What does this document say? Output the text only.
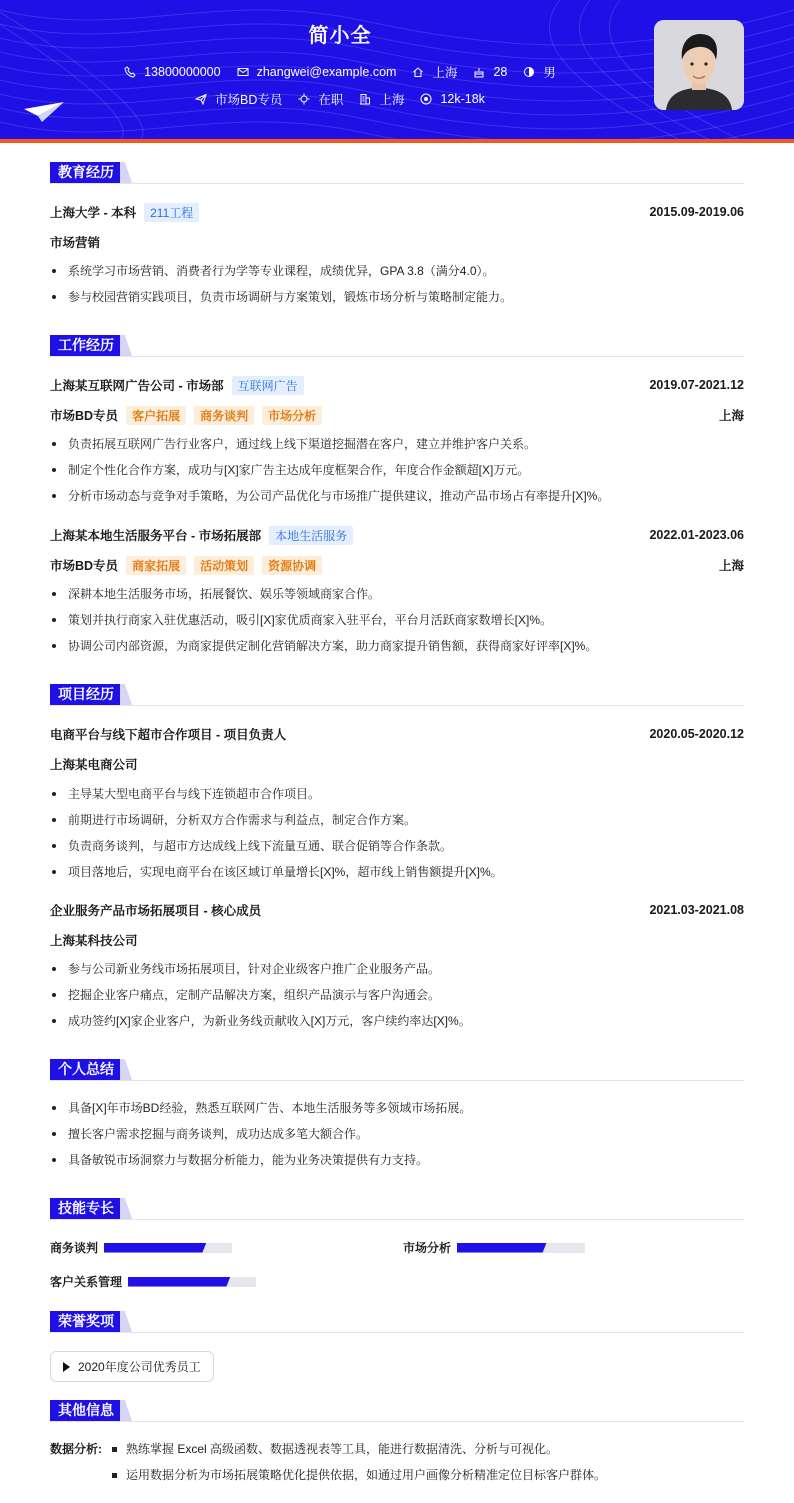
简小全
13800000000	zhangwei@example.com	上海	28	男
市场BD专员	在职	上海	12k-18k
教育经历
上海大学 - 本科	211工程	2015.09-2019.06
市场营销
系统学习市场营销、消费者行为学等专业课程，成绩优异，GPA 3.8（满分4.0）。
参与校园营销实践项目，负责市场调研与方案策划，锻炼市场分析与策略制定能力。
工作经历
上海某互联网广告公司 - 市场部	互联网广告	2019.07-2021.12
市场BD专员	客户拓展	商务谈判	市场分析	上海
负责拓展互联网广告行业客户，通过线上线下渠道挖掘潜在客户，建立并维护客户关系。
制定个性化合作方案，成功与[X]家广告主达成年度框架合作，年度合作金额超[X]万元。
分析市场动态与竞争对手策略，为公司产品优化与市场推广提供建议，推动产品市场占有率提升[X]%。
上海某本地生活服务平台 - 市场拓展部	本地生活服务	2022.01-2023.06
市场BD专员	商家拓展	活动策划	资源协调	上海
深耕本地生活服务市场，拓展餐饮、娱乐等领域商家合作。
策划并执行商家入驻优惠活动，吸引[X]家优质商家入驻平台，平台月活跃商家数增长[X]%。
协调公司内部资源，为商家提供定制化营销解决方案，助力商家提升销售额，获得商家好评率[X]%。
项目经历
电商平台与线下超市合作项目 - 项目负责人	2020.05-2020.12
上海某电商公司
主导某大型电商平台与线下连锁超市合作项目。
前期进行市场调研，分析双方合作需求与利益点，制定合作方案。
负责商务谈判，与超市方达成线上线下流量互通、联合促销等合作条款。
项目落地后，实现电商平台在该区域订单量增长[X]%，超市线上销售额提升[X]%。
企业服务产品市场拓展项目 - 核心成员	2021.03-2021.08
上海某科技公司
参与公司新业务线市场拓展项目，针对企业级客户推广企业服务产品。
挖掘企业客户痛点，定制产品解决方案，组织产品演示与客户沟通会。
成功签约[X]家企业客户，为新业务线贡献收入[X]万元，客户续约率达[X]%。
个人总结
具备[X]年市场BD经验，熟悉互联网广告、本地生活服务等多领域市场拓展。
擅长客户需求挖掘与商务谈判，成功达成多笔大额合作。
具备敏锐市场洞察力与数据分析能力，能为业务决策提供有力支持。
技能专长
商务谈判	市场分析
客户关系管理
荣誉奖项
2020年度公司优秀员工
其他信息
数据分析:	熟练掌握 Excel 高级函数、数据透视表等工具，能进行数据清洗、分析与可视化。
运用数据分析为市场拓展策略优化提供依据，如通过用户画像分析精准定位目标客户群体。
